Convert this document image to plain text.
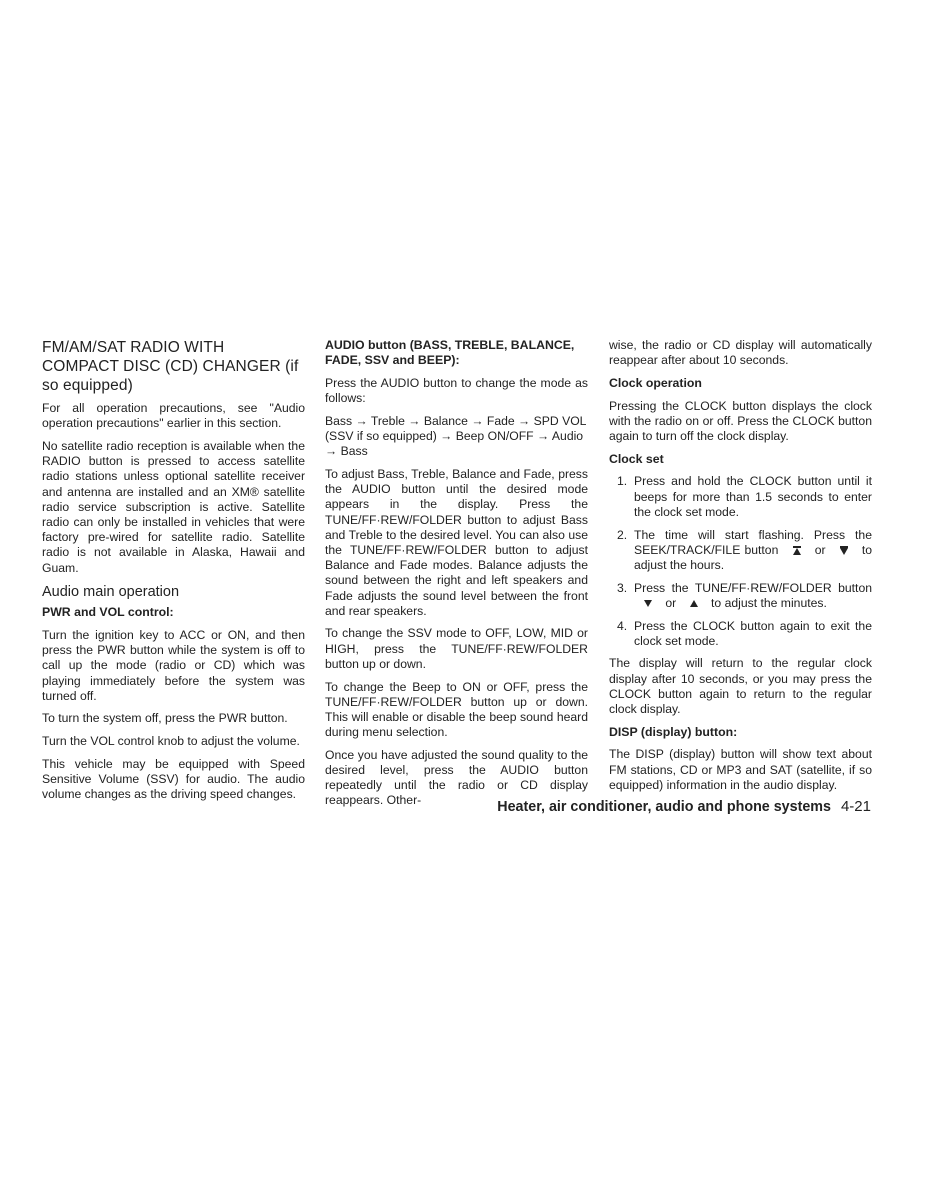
FM/AM/SAT RADIO WITH COMPACT DISC (CD) CHANGER (if so equipped)

For all operation precautions, see "Audio operation precautions" earlier in this section.

No satellite radio reception is available when the RADIO button is pressed to access satellite radio stations unless optional satellite receiver and antenna are installed and an XM® satellite radio service subscription is active. Satellite radio can only be installed in vehicles that were factory pre-wired for satellite radio. Satellite radio is not available in Alaska, Hawaii and Guam.

Audio main operation
PWR and VOL control:

Turn the ignition key to ACC or ON, and then press the PWR button while the system is off to call up the mode (radio or CD) which was playing immediately before the system was turned off.

To turn the system off, press the PWR button.

Turn the VOL control knob to adjust the volume.

This vehicle may be equipped with Speed Sensitive Volume (SSV) for audio. The audio volume changes as the driving speed changes.

AUDIO button (BASS, TREBLE, BALANCE, FADE, SSV and BEEP):

Press the AUDIO button to change the mode as follows:

Bass → Treble → Balance → Fade → SPD VOL (SSV if so equipped) → Beep ON/OFF → Audio → Bass

To adjust Bass, Treble, Balance and Fade, press the AUDIO button until the desired mode appears in the display. Press the TUNE/FF·REW/FOLDER button to adjust Bass and Treble to the desired level. You can also use the TUNE/FF·REW/FOLDER button to adjust Balance and Fade modes. Balance adjusts the sound between the right and left speakers and Fade adjusts the sound level between the front and rear speakers.

To change the SSV mode to OFF, LOW, MID or HIGH, press the TUNE/FF·REW/FOLDER button up or down.

To change the Beep to ON or OFF, press the TUNE/FF·REW/FOLDER button up or down. This will enable or disable the beep sound heard during menu selection.

Once you have adjusted the sound quality to the desired level, press the AUDIO button repeatedly until the radio or CD display reappears. Other-

wise, the radio or CD display will automatically reappear after about 10 seconds.

Clock operation

Pressing the CLOCK button displays the clock with the radio on or off. Press the CLOCK button again to turn off the clock display.

Clock set
1. Press and hold the CLOCK button until it beeps for more than 1.5 seconds to enter the clock set mode.
2. The time will start flashing. Press the SEEK/TRACK/FILE button	or	to adjust the hours.
3. Press the TUNE/FF·REW/FOLDER button  or	to adjust the minutes.
4. Press the CLOCK button again to exit the clock set mode.

The display will return to the regular clock display after 10 seconds, or you may press the CLOCK button again to return to the regular clock display.

DISP (display) button:

The DISP (display) button will show text about FM stations, CD or MP3 and SAT (satellite, if so equipped) information in the audio display.

Heater, air conditioner, audio and phone systems 4-21
